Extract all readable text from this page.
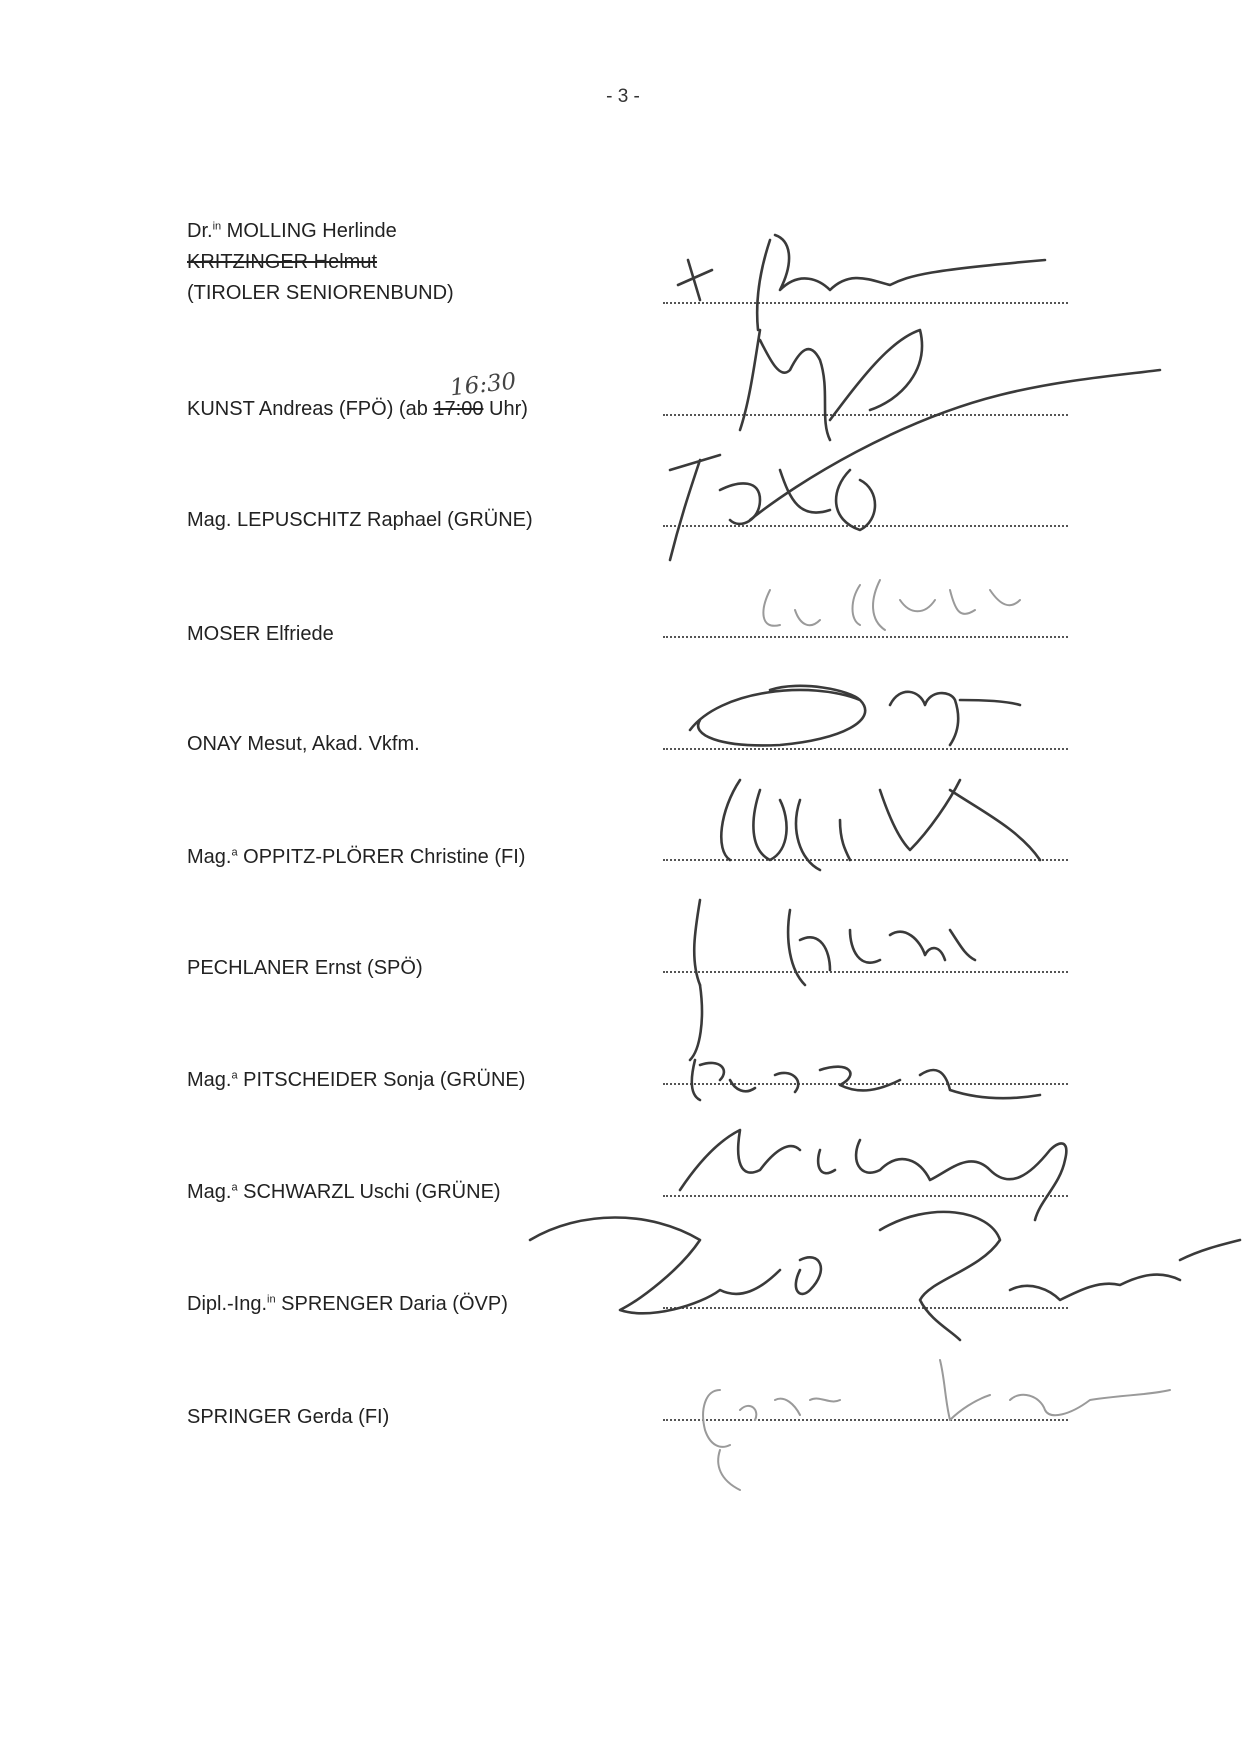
- 3 -
Dr.$^{in}$ MOLLING Herlinde
KRITZINGER Helmut
(TIROLER SENIORENBUND)
16:30
KUNST Andreas (FPÖ) (ab 17:00 Uhr)
Mag. LEPUSCHITZ Raphael (GRÜNE)
MOSER Elfriede
ONAY Mesut, Akad. Vkfm.
Mag.$^a$ OPPITZ-PLÖRER Christine (FI)
PECHLANER Ernst (SPÖ)
Mag.$^a$ PITSCHEIDER Sonja (GRÜNE)
Mag.$^a$ SCHWARZL Uschi (GRÜNE)
Dipl.-Ing.$^{in}$ SPRENGER Daria (ÖVP)
SPRINGER Gerda (FI)
